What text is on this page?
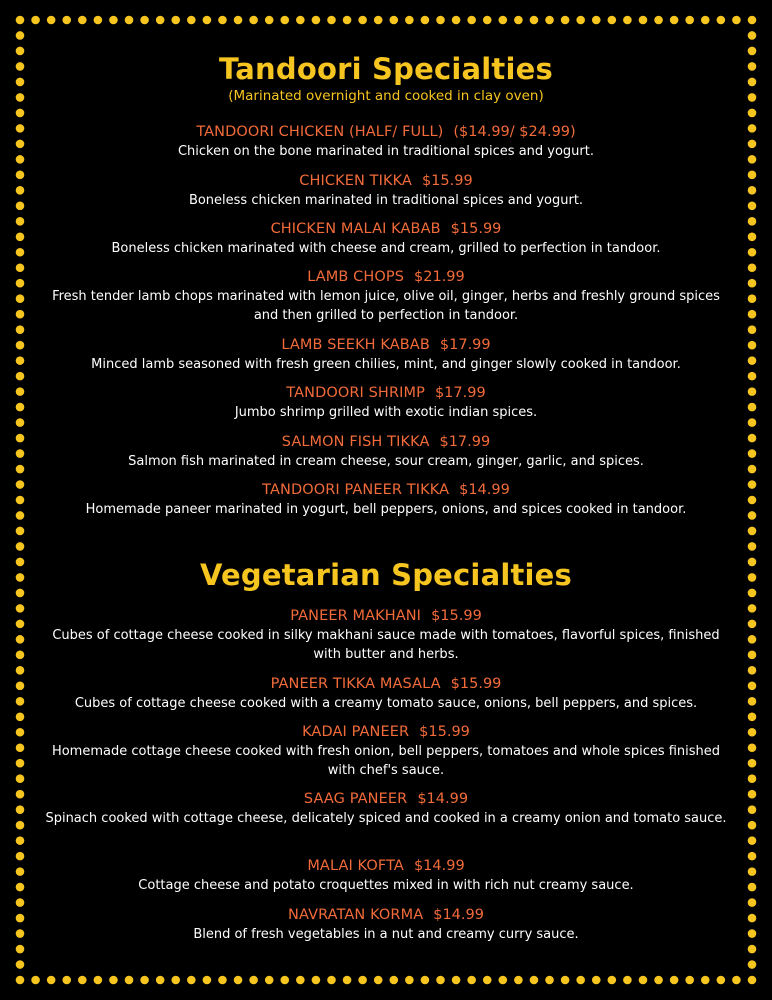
Tandoori Specialties
(Marinated overnight and cooked in clay oven)
TANDOORI CHICKEN (HALF/ FULL) ($14.99/ $24.99)
Chicken on the bone marinated in traditional spices and yogurt.
CHICKEN TIKKA $15.99
Boneless chicken marinated in traditional spices and yogurt.
CHICKEN MALAI KABAB $15.99
Boneless chicken marinated with cheese and cream, grilled to perfection in tandoor.
LAMB CHOPS $21.99
Fresh tender lamb chops marinated with lemon juice, olive oil, ginger, herbs and freshly ground spices and then grilled to perfection in tandoor.
LAMB SEEKH KABAB $17.99
Minced lamb seasoned with fresh green chilies, mint, and ginger slowly cooked in tandoor.
TANDOORI SHRIMP $17.99
Jumbo shrimp grilled with exotic indian spices.
SALMON FISH TIKKA $17.99
Salmon fish marinated in cream cheese, sour cream, ginger, garlic, and spices.
TANDOORI PANEER TIKKA $14.99
Homemade paneer marinated in yogurt, bell peppers, onions, and spices cooked in tandoor.
Vegetarian Specialties
PANEER MAKHANI $15.99
Cubes of cottage cheese cooked in silky makhani sauce made with tomatoes, flavorful spices, finished with butter and herbs.
PANEER TIKKA MASALA $15.99
Cubes of cottage cheese cooked with a creamy tomato sauce, onions, bell peppers, and spices.
KADAI PANEER $15.99
Homemade cottage cheese cooked with fresh onion, bell peppers, tomatoes and whole spices finished with chef's sauce.
SAAG PANEER $14.99
Spinach cooked with cottage cheese, delicately spiced and cooked in a creamy onion and tomato sauce.
MALAI KOFTA $14.99
Cottage cheese and potato croquettes mixed in with rich nut creamy sauce.
NAVRATAN KORMA $14.99
Blend of fresh vegetables in a nut and creamy curry sauce.
